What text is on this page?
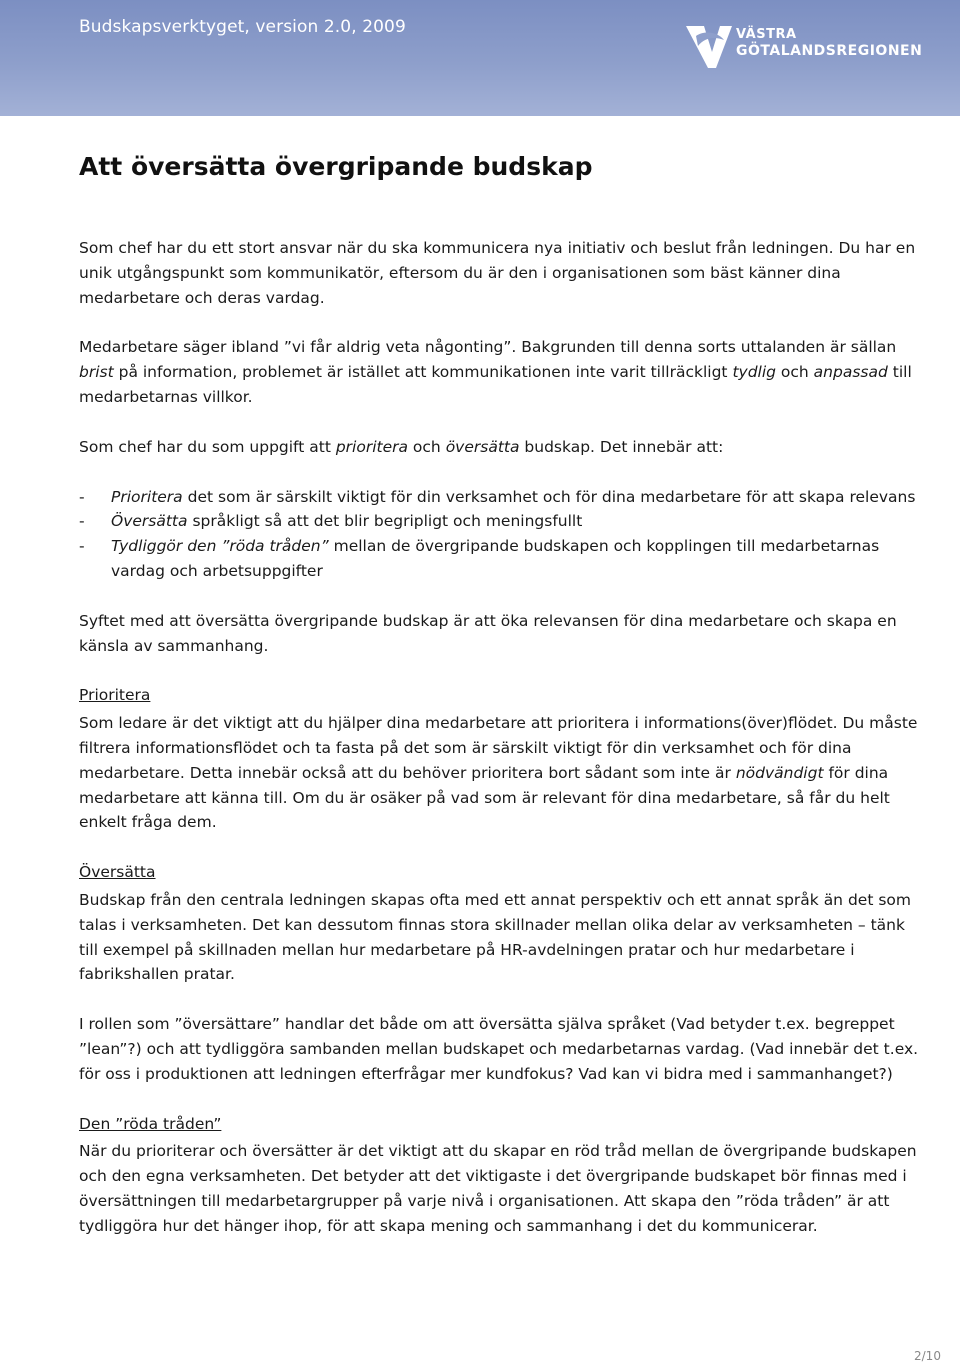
Budskapsverktyget, version 2.0, 2009	VÄSTRA
GÖTALANDSREGIONEN
Att översätta övergripande budskap

Som chef har du ett stort ansvar när du ska kommunicera nya initiativ och beslut från ledningen. Du har en unik utgångspunkt som kommunikatör, eftersom du är den i organisationen som bäst känner dina medarbetare och deras vardag.

Medarbetare säger ibland ”vi får aldrig veta någonting”. Bakgrunden till denna sorts uttalanden är sällan brist på information, problemet är istället att kommunikationen inte varit tillräckligt tydlig och anpassad till medarbetarnas villkor.

Som chef har du som uppgift att prioritera och översätta budskap. Det innebär att:

- Prioritera det som är särskilt viktigt för din verksamhet och för dina medarbetare för att skapa relevans
- Översätta språkligt så att det blir begripligt och meningsfullt
- Tydliggör den ”röda tråden” mellan de övergripande budskapen och kopplingen till medarbetarnas vardag och arbetsuppgifter

Syftet med att översätta övergripande budskap är att öka relevansen för dina medarbetare och skapa en känsla av sammanhang.

Prioritera

Som ledare är det viktigt att du hjälper dina medarbetare att prioritera i informations(över)flödet. Du måste filtrera informationsflödet och ta fasta på det som är särskilt viktigt för din verksamhet och för dina medarbetare. Detta innebär också att du behöver prioritera bort sådant som inte är nödvändigt för dina medarbetare att känna till. Om du är osäker på vad som är relevant för dina medarbetare, så får du helt enkelt fråga dem.

Översätta

Budskap från den centrala ledningen skapas ofta med ett annat perspektiv och ett annat språk än det som talas i verksamheten. Det kan dessutom finnas stora skillnader mellan olika delar av verksamheten – tänk till exempel på skillnaden mellan hur medarbetare på HR-avdelningen pratar och hur medarbetare i fabrikshallen pratar.

I rollen som ”översättare” handlar det både om att översätta själva språket (Vad betyder t.ex. begreppet ”lean”?) och att tydliggöra sambanden mellan budskapet och medarbetarnas vardag. (Vad innebär det t.ex. för oss i produktionen att ledningen efterfrågar mer kundfokus? Vad kan vi bidra med i sammanhanget?)

Den ”röda tråden”

När du prioriterar och översätter är det viktigt att du skapar en röd tråd mellan de övergripande budskapen och den egna verksamheten. Det betyder att det viktigaste i det övergripande budskapet bör finnas med i översättningen till medarbetargrupper på varje nivå i organisationen. Att skapa den ”röda tråden” är att tydliggöra hur det hänger ihop, för att skapa mening och sammanhang i det du kommunicerar.

2/10
